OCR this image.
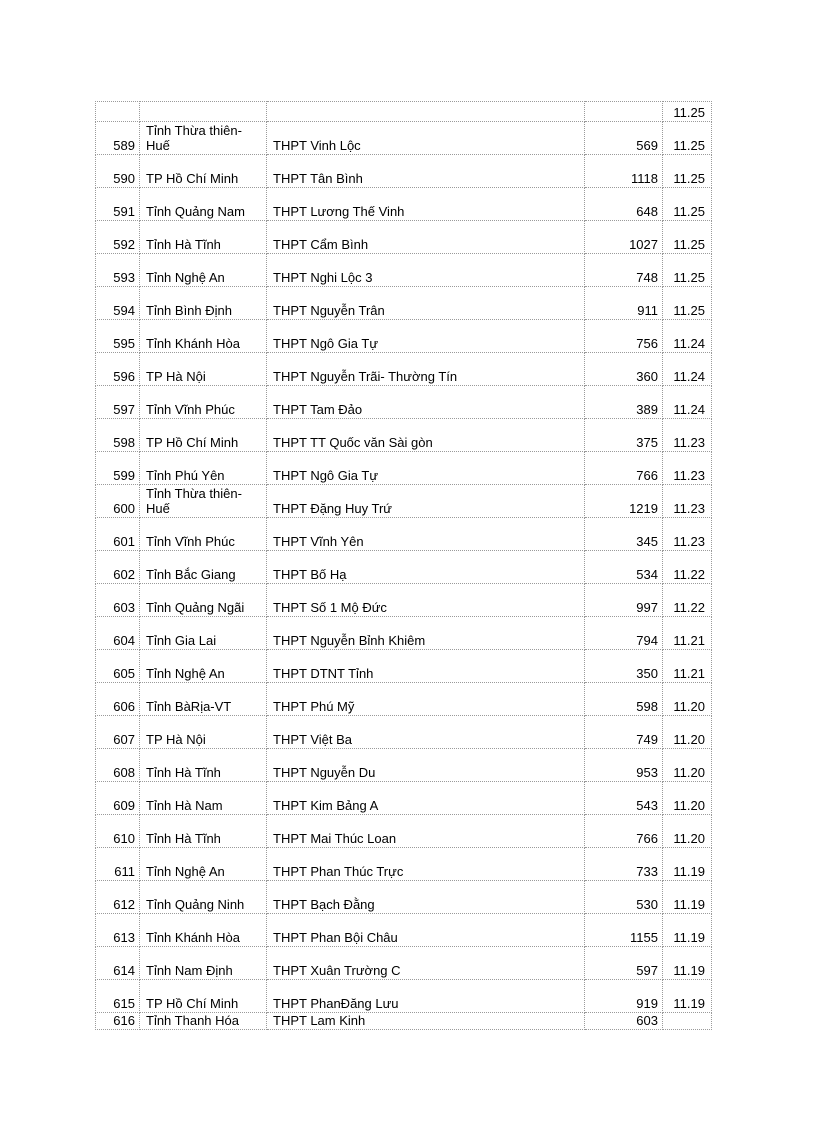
				11.25
589	Tỉnh Thừa thiên-Huế	THPT Vinh Lộc	569	11.25
590	TP Hồ Chí Minh	THPT Tân Bình	1118	11.25
591	Tỉnh Quảng Nam	THPT Lương Thế Vinh	648	11.25
592	Tỉnh Hà Tĩnh	THPT Cẩm Bình	1027	11.25
593	Tỉnh Nghệ An	THPT Nghi Lộc 3	748	11.25
594	Tỉnh Bình Định	THPT Nguyễn Trân	911	11.25
595	Tỉnh Khánh Hòa	THPT Ngô Gia Tự	756	11.24
596	TP Hà Nội	THPT Nguyễn Trãi- Thường Tín	360	11.24
597	Tỉnh Vĩnh Phúc	THPT Tam Đảo	389	11.24
598	TP Hồ Chí Minh	THPT TT Quốc văn Sài gòn	375	11.23
599	Tỉnh Phú Yên	THPT Ngô Gia Tự	766	11.23
600	Tỉnh Thừa thiên-Huế	THPT Đặng Huy Trứ	1219	11.23
601	Tỉnh Vĩnh Phúc	THPT Vĩnh Yên	345	11.23
602	Tỉnh Bắc Giang	THPT Bố Hạ	534	11.22
603	Tỉnh Quảng Ngãi	THPT Số 1 Mộ Đức	997	11.22
604	Tỉnh Gia Lai	THPT Nguyễn Bỉnh Khiêm	794	11.21
605	Tỉnh Nghệ An	THPT DTNT Tỉnh	350	11.21
606	Tỉnh BàRịa-VT	THPT Phú Mỹ	598	11.20
607	TP Hà Nội	THPT Việt Ba	749	11.20
608	Tỉnh Hà Tĩnh	THPT Nguyễn Du	953	11.20
609	Tỉnh Hà Nam	THPT Kim Bảng A	543	11.20
610	Tỉnh Hà Tĩnh	THPT Mai Thúc Loan	766	11.20
611	Tỉnh Nghệ An	THPT Phan Thúc Trực	733	11.19
612	Tỉnh Quảng Ninh	THPT Bạch Đằng	530	11.19
613	Tỉnh Khánh Hòa	THPT Phan Bội Châu	1155	11.19
614	Tỉnh Nam Định	THPT Xuân Trường C	597	11.19
615	TP Hồ Chí Minh	THPT PhanĐăng Lưu	919	11.19
616	Tỉnh Thanh Hóa	THPT Lam Kinh	603	
